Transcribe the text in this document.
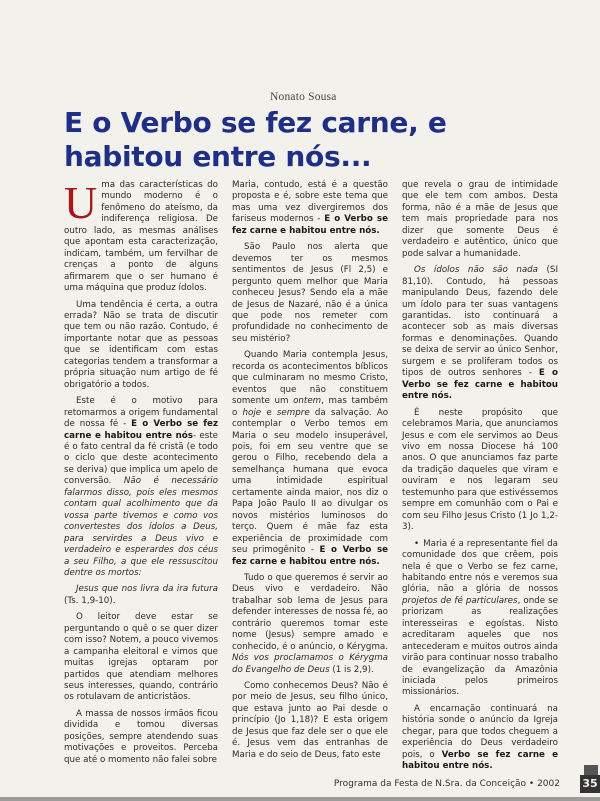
Nonato Sousa
E o Verbo se fez carne, e habitou entre nós...

Uma das características do mundo moderno é o fenômeno do ateísmo, da indiferença religiosa. De outro lado, as mesmas análises que apontam esta caracterização, indicam, também, um fervilhar de crenças a ponto de alguns afirmarem que o ser humano é uma máquina que produz ídolos.

Uma tendência é certa, a outra errada? Não se trata de discutir que tem ou não razão. Contudo, é importante notar que as pessoas que se identificam com estas categorias tendem a transformar a própria situação num artigo de fé obrigatório a todos.

Este é o motivo para retomarmos a origem fundamental de nossa fé - E o Verbo se fez carne e habitou entre nós- este é o fato central da fé cristã (e todo o ciclo que deste acontecimento se deriva) que implica um apelo de conversão. Não é necessário falarmos disso, pois eles mesmos contam qual acolhimento que da vossa parte tivemos e como vos convertestes dos ídolos a Deus, para servirdes a Deus vivo e verdadeiro e esperardes dos céus a seu Filho, a que ele ressuscitou dentre os mortos:

Jesus que nos livra da ira futura (Ts. 1,9-10).

O leitor deve estar se perguntando o quê o se quer dizer com isso? Notem, a pouco vivemos a campanha eleitoral e vimos que muitas igrejas optaram por partidos que atendiam melhores seus interesses, quando, contrário os rotulavam de anticristãos.

A massa de nossos irmãos ficou dividida e tomou diversas posições, sempre atendendo suas motivações e proveitos. Perceba que até o momento não falei sobre

Maria, contudo, está é a questão proposta e é, sobre este tema que mas uma vez divergiremos dos fariseus modernos - E o Verbo se fez carne e habitou entre nós.

São Paulo nos alerta que devemos ter os mesmos sentimentos de Jesus (Fl 2,5) e pergunto quem melhor que Maria conheceu Jesus? Sendo ela a mãe de Jesus de Nazaré, não é a única que pode nos remeter com profundidade no conhecimento de seu mistério?

Quando Maria contempla Jesus, recorda os acontecimentos bíblicos que culminaram no mesmo Cristo, eventos que não constituem somente um ontem, mas também o hoje e sempre da salvação. Ao contemplar o Verbo temos em Maria o seu modelo insuperável, pois, foi em seu ventre que se gerou o Filho, recebendo dela a semelhança humana que evoca uma intimidade espiritual certamente ainda maior, nos diz o Papa João Paulo II ao divulgar os novos mistérios luminosos do terço. Quem é mãe faz esta experiência de proximidade com seu primogênito - E o Verbo se fez carne e habitou entre nós.

Tudo o que queremos é servir ao Deus vivo e verdadeiro. Não trabalhar sob lema de Jesus para defender interesses de nossa fé, ao contrário queremos tomar este nome (Jesus) sempre amado e conhecido, é o anúncio, o Kérygma. Nós vos proclamamos o Kérygma do Evangelho de Deus (1 is 2,9).

Como conhecemos Deus? Não é por meio de Jesus, seu filho único, que estava junto ao Pai desde o princípio (Jo 1,18)? E esta origem de Jesus que faz dele ser o que ele é. Jesus vem das entranhas de Maria e do seio de Deus, fato este

que revela o grau de intimidade que ele tem com ambos. Desta forma, não é a mãe de Jesus que tem mais propriedade para nos dizer que somente Deus é verdadeiro e autêntico, único que pode salvar a humanidade.

Os ídolos não são nada (SI 81,10). Contudo, há pessoas manipulando Deus, fazendo dele um ídolo para ter suas vantagens garantidas. isto continuará a acontecer sob as mais diversas formas e denominações. Quando se deixa de servir ao único Senhor, surgem e se proliferam todos os tipos de outros senhores - E o Verbo se fez carne e habitou entre nós.

É neste propósito que celebramos Maria, que anunciamos Jesus e com ele servimos ao Deus vivo em nossa Diocese há 100 anos. O que anunciamos faz parte da tradição daqueles que viram e ouviram e nos legaram seu testemunho para que estivéssemos sempre em comunhão com o Pai e com seu Filho Jesus Cristo (1 Jo 1,2-3).

• Maria é a representante fiel da comunidade dos que crêem, pois nela é que o Verbo se fez carne, habitando entre nós e veremos sua glória, não a glória de nossos projetos de fé particulares, onde se priorizam as realizações interesseiras e egoístas. Nisto acreditaram aqueles que nos antecederam e muitos outros ainda virão para continuar nosso trabalho de evangelização da Amazônia iniciada pelos primeiros missionários.

A encarnação continuará na história sonde o anúncio da Igreja chegar, para que todos cheguem a experiência do Deus verdadeiro pois, o Verbo se fez carne e habitou entre nós.

Programa da Festa de N.Sra. da Conceição • 2002 35
